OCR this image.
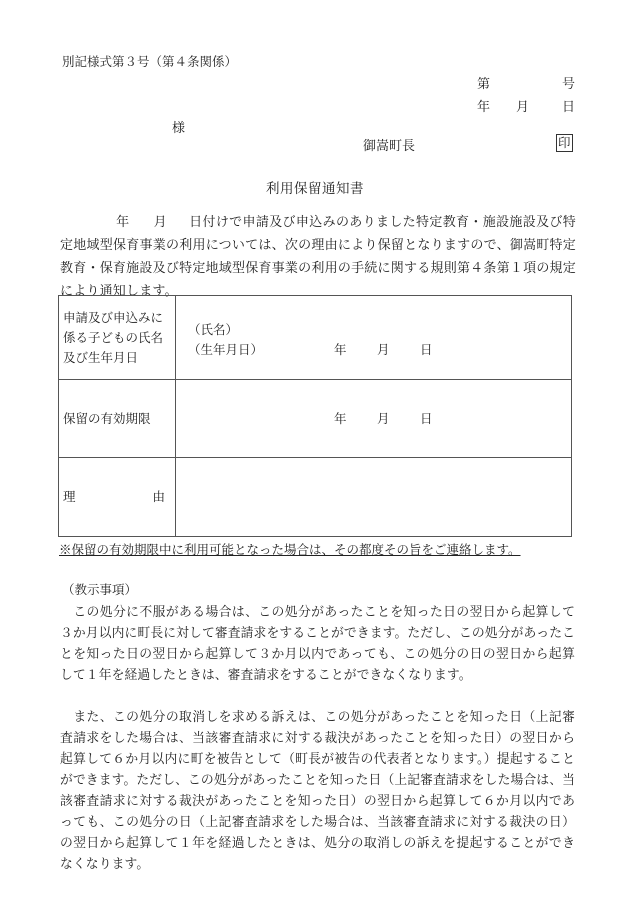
別記様式第３号（第４条関係）
第	号
年 月	日
様
御嵩町長	印
利用保留通知書
年 月 日付けで申請及び申込みのありました特定教育・施設施設及び特定地域型保育事業の利用については、次の理由により保留となりますので、御嵩町特定教育・保育施設及び特定地域型保育事業の利用の手続に関する規則第４条第１項の規定により通知します。
申請及び申込みに係る子どもの氏名及び生年月日	（氏名）
（生年月日） 年 月 日

保留の有効期限	年 月 日

理 由	

※保留の有効期限中に利用可能となった場合は、その都度その旨をご連絡します。
（教示事項）
この処分に不服がある場合は、この処分があったことを知った日の翌日から起算して３か月以内に町長に対して審査請求をすることができます。ただし、この処分があったことを知った日の翌日から起算して３か月以内であっても、この処分の日の翌日から起算して１年を経過したときは、審査請求をすることができなくなります。
また、この処分の取消しを求める訴えは、この処分があったことを知った日（上記審査請求をした場合は、当該審査請求に対する裁決があったことを知った日）の翌日から起算して６か月以内に町を被告として（町長が被告の代表者となります。）提起することができます。ただし、この処分があったことを知った日（上記審査請求をした場合は、当該審査請求に対する裁決があったことを知った日）の翌日から起算して６か月以内であっても、この処分の日（上記審査請求をした場合は、当該審査請求に対する裁決の日）の翌日から起算して１年を経過したときは、処分の取消しの訴えを提起することができなくなります。
